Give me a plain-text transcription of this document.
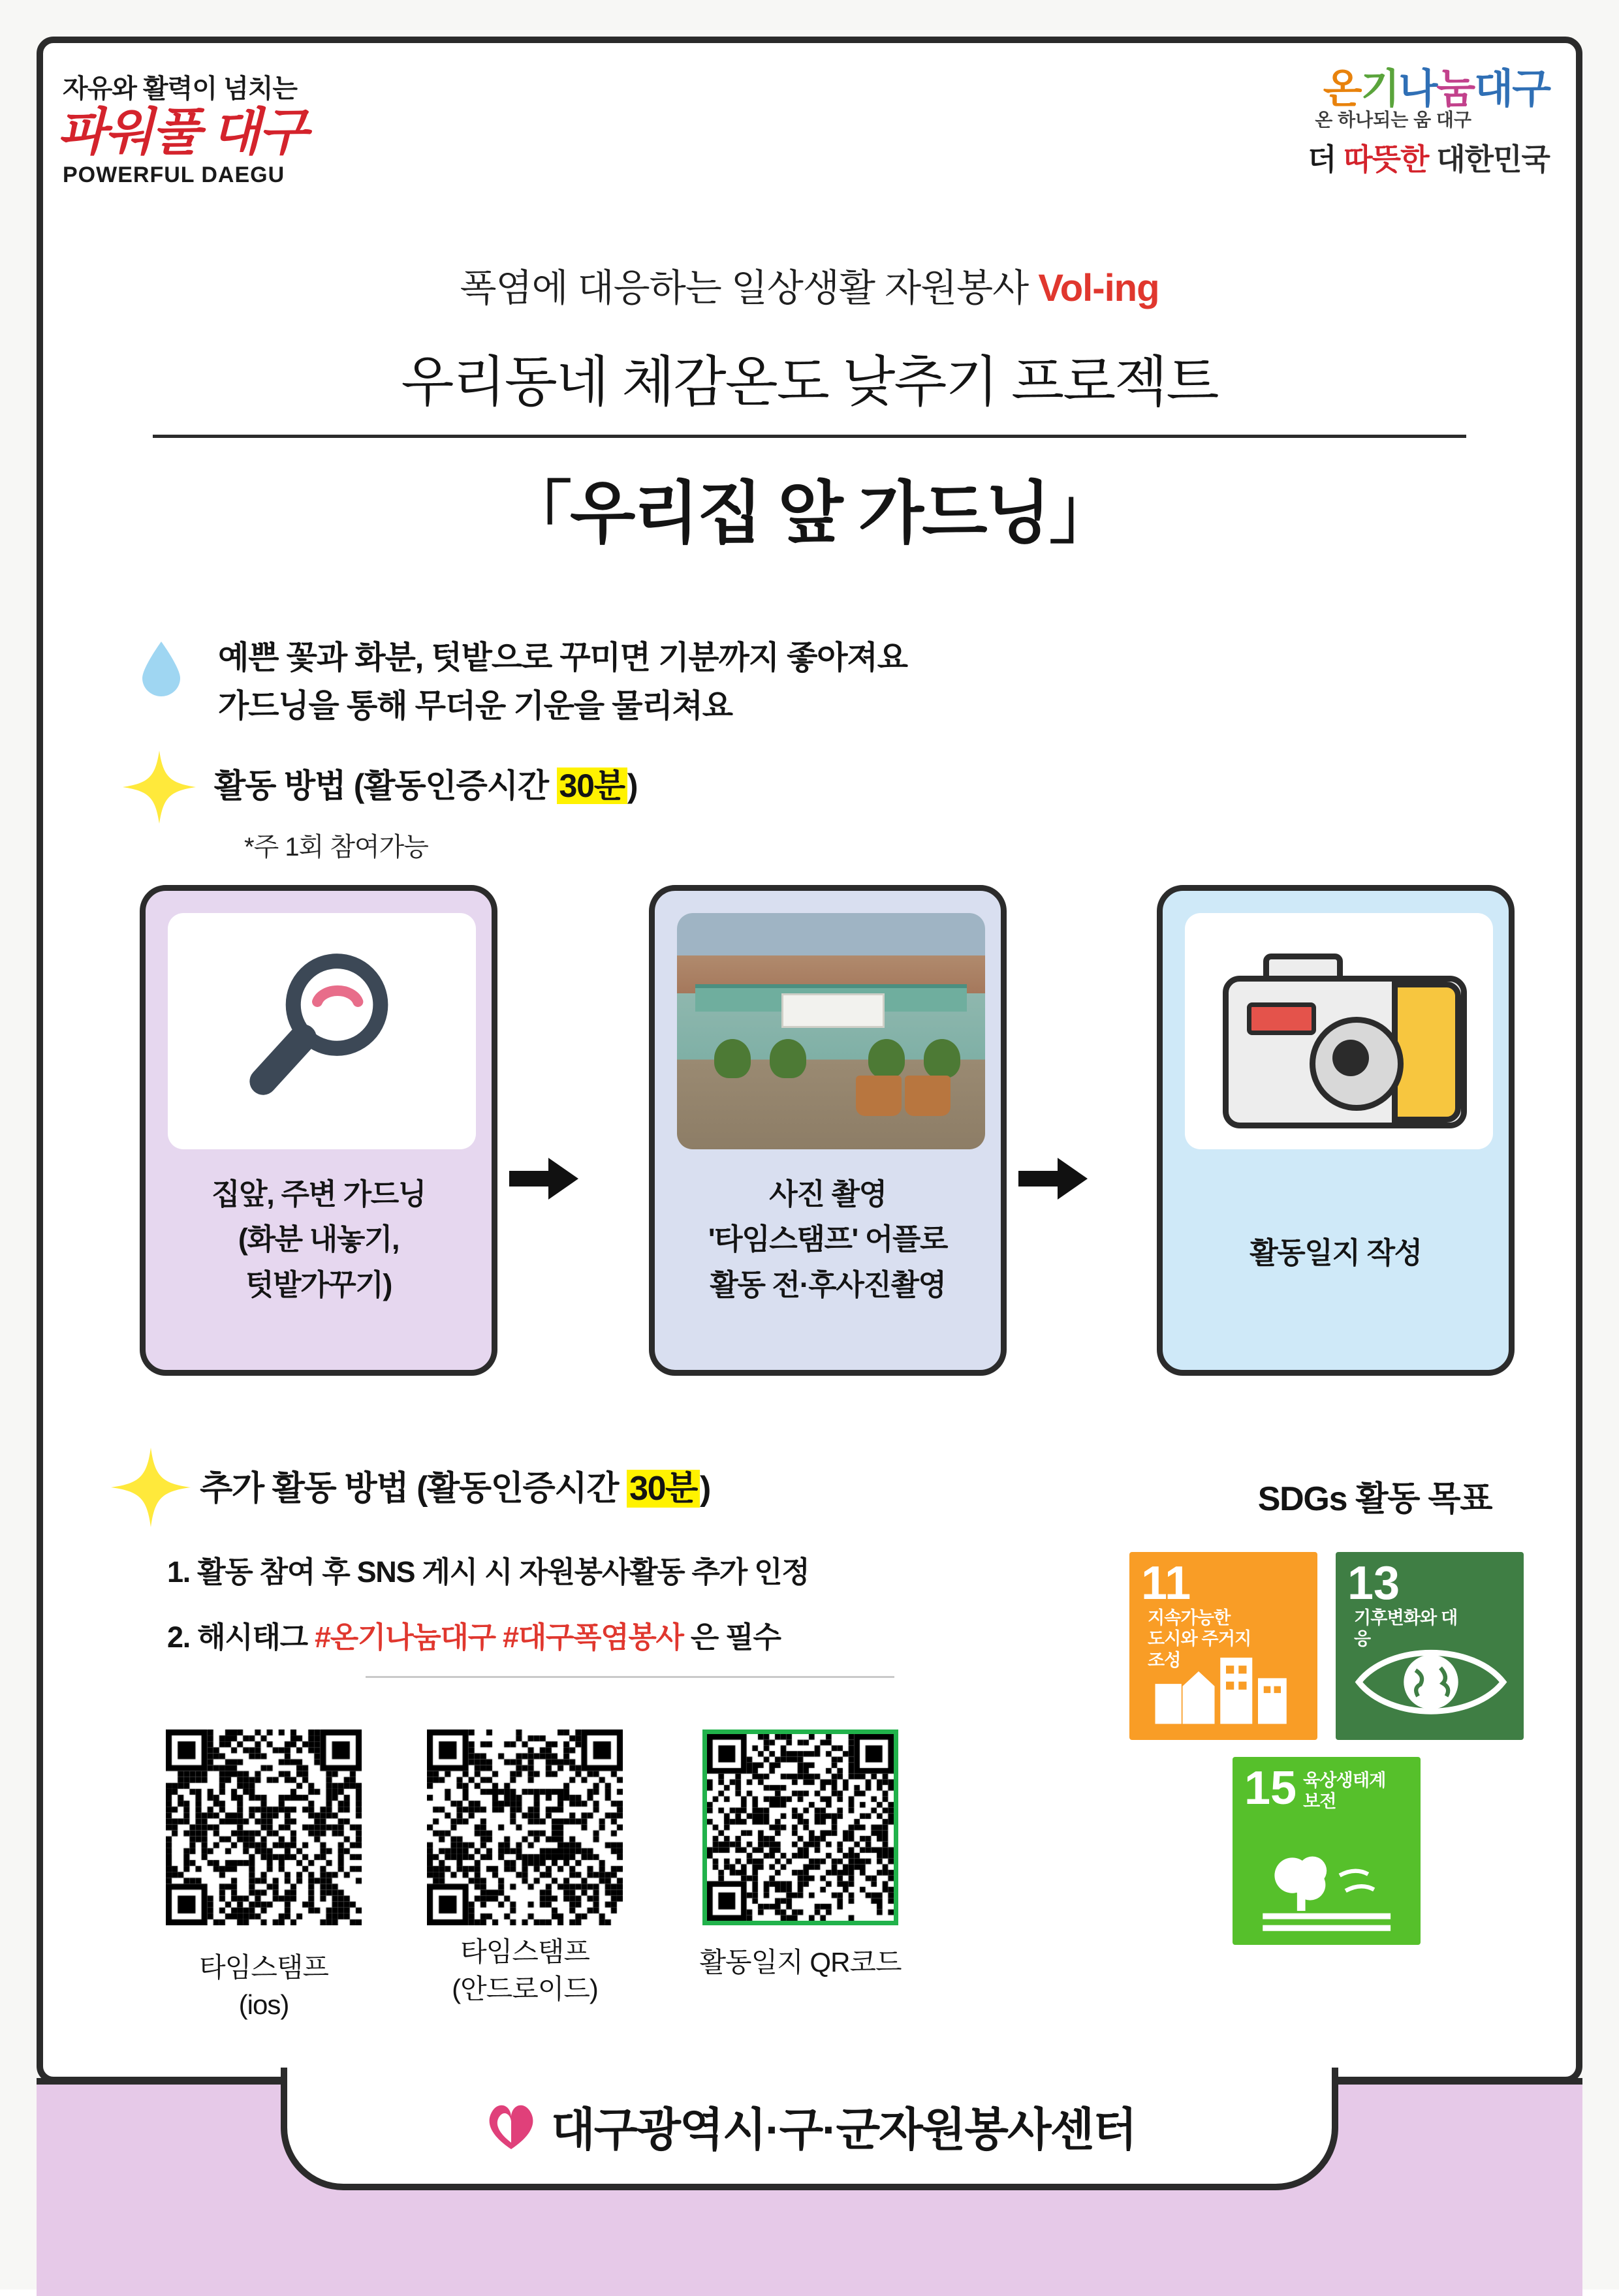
자유와 활력이 넘치는
파워풀 대구
POWERFUL DAEGU
온기나눔대구
온 하나되는 움 대구
더 따뜻한 대한민국
폭염에 대응하는 일상생활 자원봉사 Vol-ing
우리동네 체감온도 낮추기 프로젝트
「우리집 앞 가드닝」
예쁜 꽃과 화분, 텃밭으로 꾸미면 기분까지 좋아져요
가드닝을 통해 무더운 기운을 물리쳐요
활동 방법 (활동인증시간 30분)
*주 1회 참여가능
집앞, 주변 가드닝
(화분 내놓기,
텃밭가꾸기)
사진 촬영
'타임스탬프' 어플로
활동 전·후사진촬영
활동일지 작성
추가 활동 방법 (활동인증시간 30분)
1. 활동 참여 후 SNS 게시 시 자원봉사활동 추가 인정
2. 해시태그 #온기나눔대구 #대구폭염봉사 은 필수
타임스탬프
(ios)
타임스탬프
(안드로이드)
활동일지 QR코드
SDGs 활동 목표
11지속가능한
도시와 주거지 조성
13기후변화와 대응
15 육상생태계
보전
대구광역시·구·군자원봉사센터
